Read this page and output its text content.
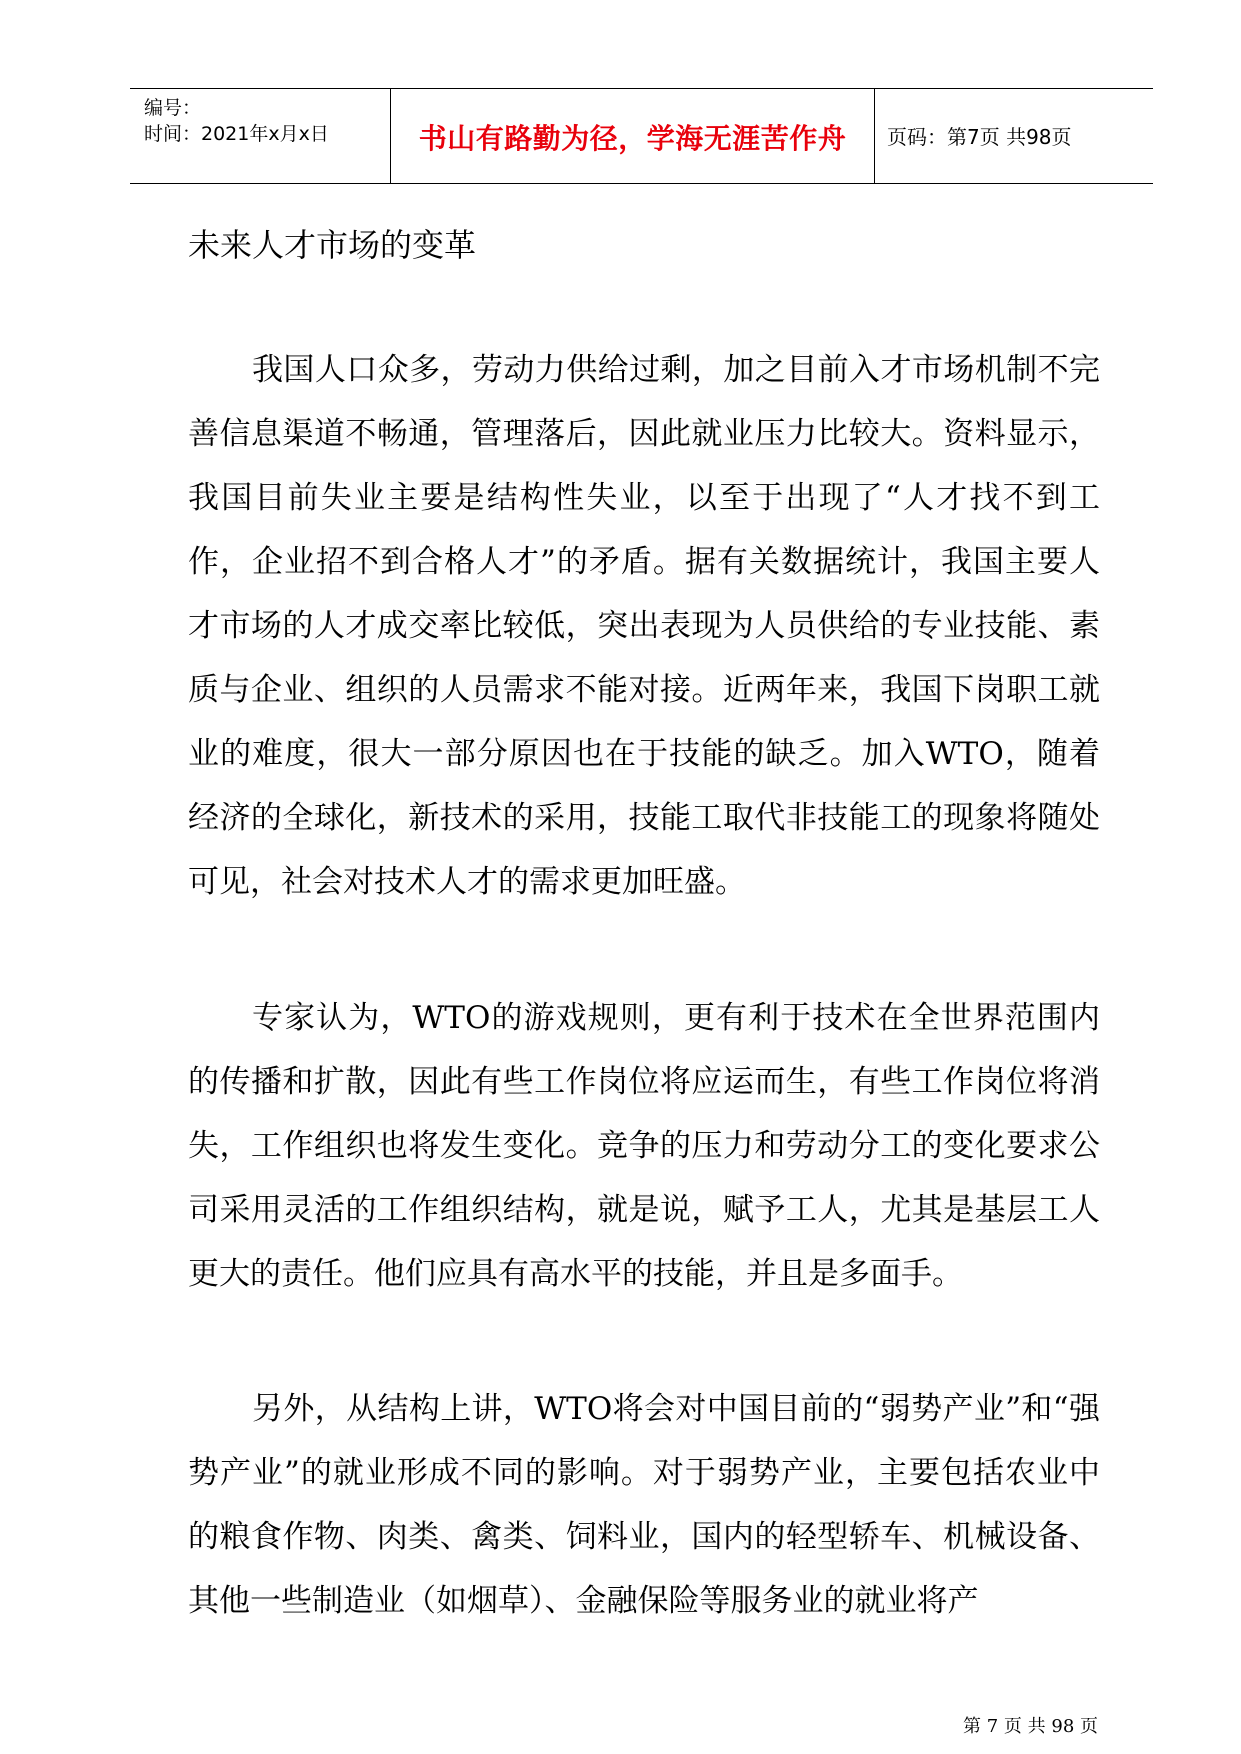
编号：
时间：2021年x月x日	书山有路勤为径，学海无涯苦作舟	页码：第7页 共98页
未来人才市场的变革

我国人口众多，劳动力供给过剩，加之目前入才市场机制不完善信息渠道不畅通，管理落后，因此就业压力比较大。资料显示，我国目前失业主要是结构性失业，以至于出现了“人才找不到工作，企业招不到合格人才”的矛盾。据有关数据统计，我国主要人才市场的人才成交率比较低，突出表现为人员供给的专业技能、素质与企业、组织的人员需求不能对接。近两年来，我国下岗职工就业的难度，很大一部分原因也在于技能的缺乏。加入WTO，随着经济的全球化，新技术的采用，技能工取代非技能工的现象将随处可见，社会对技术人才的需求更加旺盛。

专家认为，WTO的游戏规则，更有利于技术在全世界范围内的传播和扩散，因此有些工作岗位将应运而生，有些工作岗位将消失，工作组织也将发生变化。竞争的压力和劳动分工的变化要求公司采用灵活的工作组织结构，就是说，赋予工人，尤其是基层工人更大的责任。他们应具有高水平的技能，并且是多面手。

另外，从结构上讲，WTO将会对中国目前的“弱势产业”和“强势产业”的就业形成不同的影响。对于弱势产业，主要包括农业中的粮食作物、肉类、禽类、饲料业，国内的轻型轿车、机械设备、其他一些制造业（如烟草）、金融保险等服务业的就业将产

第 7 页 共 98 页
